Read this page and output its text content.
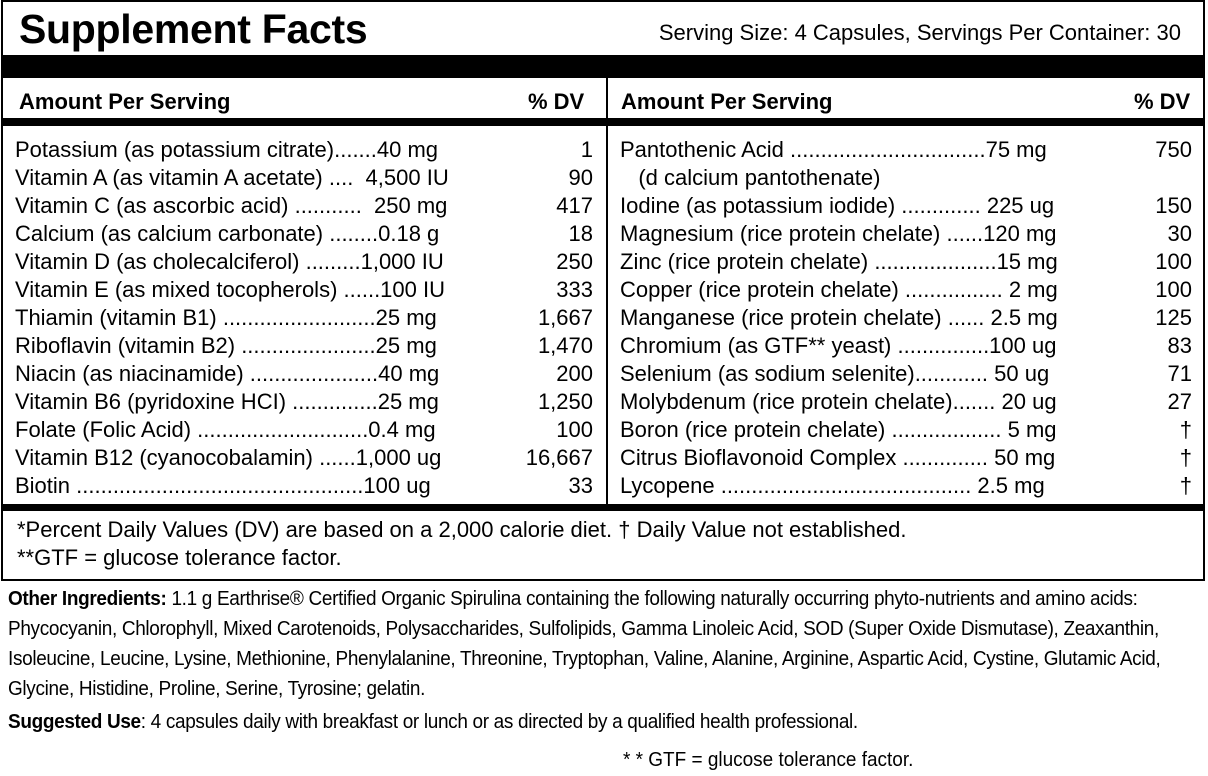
Supplement Facts	Serving Size: 4 Capsules, Servings Per Container: 30
Amount Per Serving	% DV Amount Per Serving	% DV
Potassium (as potassium citrate).......40 mg	1
Vitamin A (as vitamin A acetate) ....  4,500 IU	90
Vitamin C (as ascorbic acid) ...........  250 mg	417
Calcium (as calcium carbonate) ........0.18 g	18
Vitamin D (as cholecalciferol) .........1,000 IU	250
Vitamin E (as mixed tocopherols) ......100 IU	333
Thiamin (vitamin B1) .........................25 mg	1,667
Riboflavin (vitamin B2) ......................25 mg	1,470
Niacin (as niacinamide) .....................40 mg	200
Vitamin B6 (pyridoxine HCI) ..............25 mg	1,250
Folate (Folic Acid) ............................0.4 mg	100
Vitamin B12 (cyanocobalamin) ......1,000 ug	16,667
Biotin ...............................................100 ug	33
Pantothenic Acid ................................75 mg	750
(d calcium pantothenate)
Iodine (as potassium iodide) ............. 225 ug	150
Magnesium (rice protein chelate) ......120 mg	30
Zinc (rice protein chelate) ....................15 mg	100
Copper (rice protein chelate) ................ 2 mg	100
Manganese (rice protein chelate) ...... 2.5 mg	125
Chromium (as GTF** yeast) ...............100 ug	83
Selenium (as sodium selenite)............ 50 ug	71
Molybdenum (rice protein chelate)....... 20 ug	27
Boron (rice protein chelate) .................. 5 mg	†
Citrus Bioflavonoid Complex .............. 50 mg	†
Lycopene ......................................... 2.5 mg	†
*Percent Daily Values (DV) are based on a 2,000 calorie diet. † Daily Value not established.
**GTF = glucose tolerance factor.
Other Ingredients: 1.1 g Earthrise® Certified Organic Spirulina containing the following naturally occurring phyto-nutrients and amino acids: Phycocyanin, Chlorophyll, Mixed Carotenoids, Polysaccharides, Sulfolipids, Gamma Linoleic Acid, SOD (Super Oxide Dismutase), Zeaxanthin, Isoleucine, Leucine, Lysine, Methionine, Phenylalanine, Threonine, Tryptophan, Valine, Alanine, Arginine, Aspartic Acid, Cystine, Glutamic Acid, Glycine, Histidine, Proline, Serine, Tyrosine; gelatin.
Suggested Use: 4 capsules daily with breakfast or lunch or as directed by a qualified health professional.
* * GTF = glucose tolerance factor.
